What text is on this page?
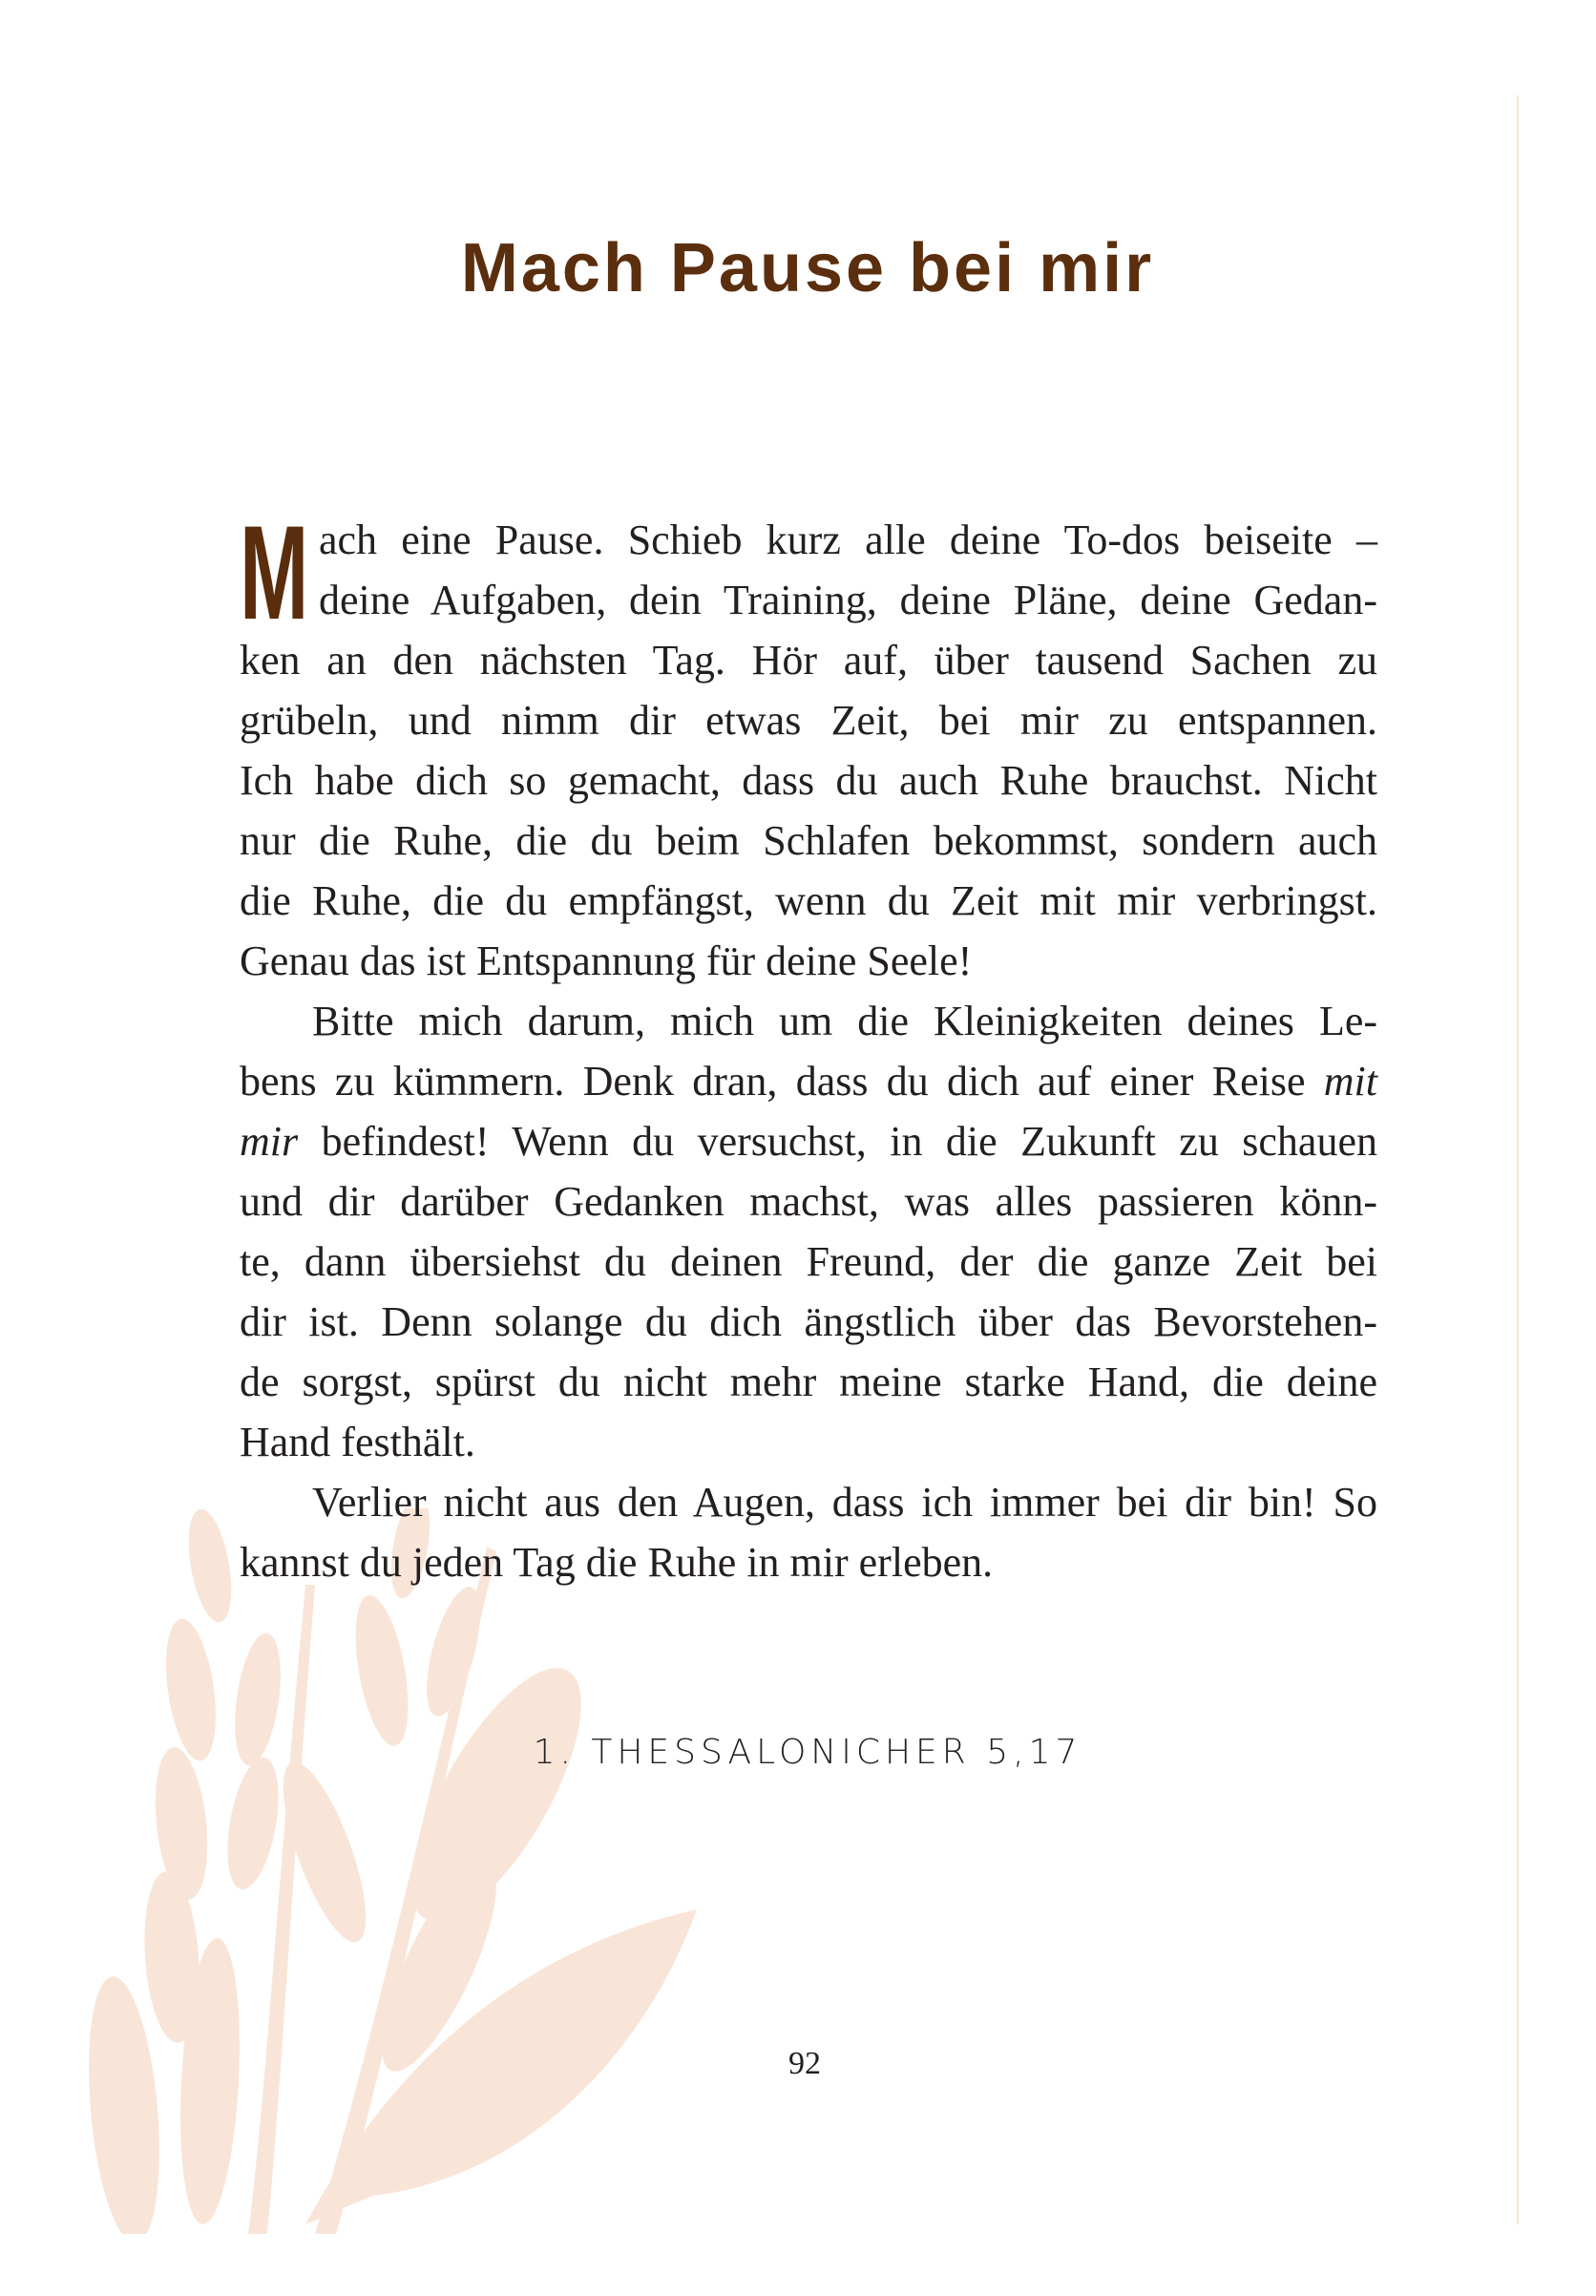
Mach Pause bei mir
M ach eine Pause. Schieb kurz alle deine To-dos beiseite –
deine Aufgaben, dein Training, deine Pläne, deine Gedan-
ken an den nächsten Tag. Hör auf, über tausend Sachen zu
grübeln, und nimm dir etwas Zeit, bei mir zu entspannen.
Ich habe dich so gemacht, dass du auch Ruhe brauchst. Nicht
nur die Ruhe, die du beim Schlafen bekommst, sondern auch
die Ruhe, die du empfängst, wenn du Zeit mit mir verbringst.
Genau das ist Entspannung für deine Seele!
Bitte mich darum, mich um die Kleinigkeiten deines Le-
bens zu kümmern. Denk dran, dass du dich auf einer Reise mit
mir befindest! Wenn du versuchst, in die Zukunft zu schauen
und dir darüber Gedanken machst, was alles passieren könn-
te, dann übersiehst du deinen Freund, der die ganze Zeit bei
dir ist. Denn solange du dich ängstlich über das Bevorstehen-
de sorgst, spürst du nicht mehr meine starke Hand, die deine
Hand festhält.
Verlier nicht aus den Augen, dass ich immer bei dir bin! So
kannst du jeden Tag die Ruhe in mir erleben.
1. THESSALONICHER 5,17
92
